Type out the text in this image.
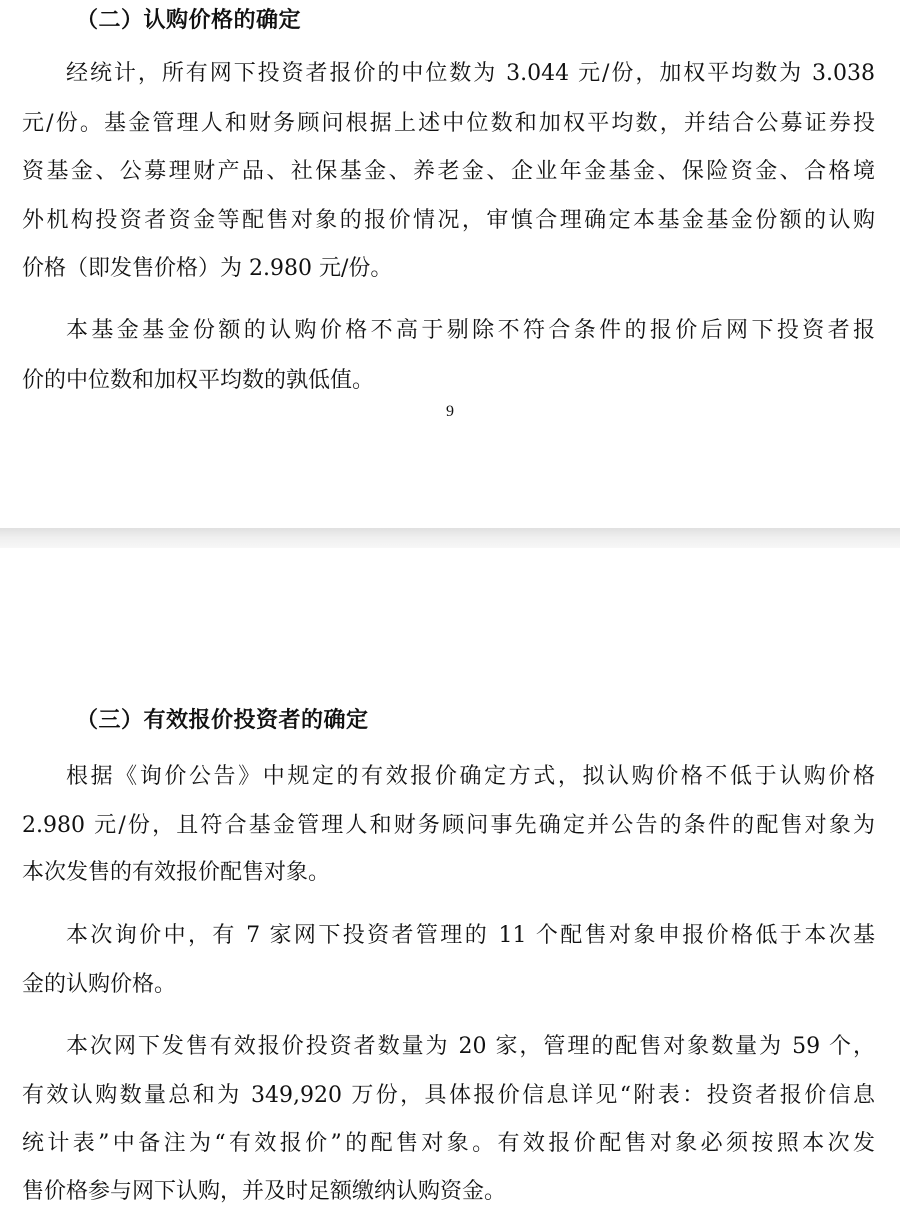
（二）认购价格的确定
经统计，所有网下投资者报价的中位数为 3.044 元/份，加权平均数为 3.038
元/份。基金管理人和财务顾问根据上述中位数和加权平均数，并结合公募证券投
资基金、公募理财产品、社保基金、养老金、企业年金基金、保险资金、合格境
外机构投资者资金等配售对象的报价情况，审慎合理确定本基金基金份额的认购
价格（即发售价格）为 2.980 元/份。
本基金基金份额的认购价格不高于剔除不符合条件的报价后网下投资者报
价的中位数和加权平均数的孰低值。
9
（三）有效报价投资者的确定
根据《询价公告》中规定的有效报价确定方式，拟认购价格不低于认购价格
2.980 元/份，且符合基金管理人和财务顾问事先确定并公告的条件的配售对象为
本次发售的有效报价配售对象。
本次询价中，有 7 家网下投资者管理的 11 个配售对象申报价格低于本次基
金的认购价格。
本次网下发售有效报价投资者数量为 20 家，管理的配售对象数量为 59 个，
有效认购数量总和为 349,920 万份，具体报价信息详见“附表：投资者报价信息
统计表”中备注为“有效报价”的配售对象。有效报价配售对象必须按照本次发
售价格参与网下认购，并及时足额缴纳认购资金。
